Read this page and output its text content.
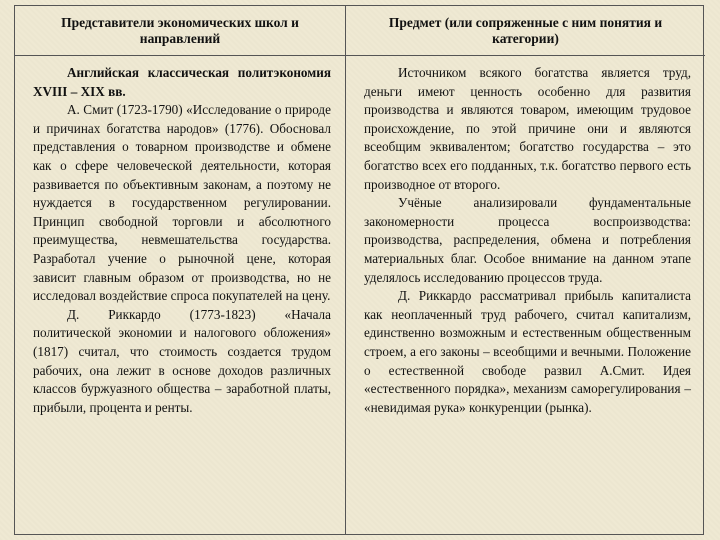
Представители экономических школ и направлений
Предмет (или сопряженные с ним понятия и категории)

Английская классическая политэкономия XVIII – XIX вв.

А. Смит (1723-1790) «Исследование о природе и причинах богатства народов» (1776). Обосновал представления о товарном производстве и обмене как о сфере человеческой деятельности, которая развивается по объективным законам, а поэтому не нуждается в государственном регулировании. Принцип свободной торговли и абсолютного преимущества, невмешательства государства. Разработал учение о рыночной цене, которая зависит главным образом от производства, но не исследовал воздействие спроса покупателей на цену.

Д. Риккардо (1773-1823) «Начала политической экономии и налогового обложения» (1817) считал, что стоимость создается трудом рабочих, она лежит в основе доходов различных классов буржуазного общества – заработной платы, прибыли, процента и ренты.

Источником всякого богатства является труд, деньги имеют ценность особенно для развития производства и являются товаром, имеющим трудовое происхождение, по этой причине они и являются всеобщим эквивалентом; богатство государства – это богатство всех его подданных, т.к. богатство первого есть производное от второго.

Учёные анализировали фундаментальные закономерности процесса воспроизводства: производства, распределения, обмена и потребления материальных благ. Особое внимание на данном этапе уделялось исследованию процессов труда.

Д. Риккардо рассматривал прибыль капиталиста как неоплаченный труд рабочего, считал капитализм, единственно возможным и естественным общественным строем, а его законы – всеобщими и вечными. Положение о естественной свободе развил А.Смит. Идея «естественного порядка», механизм саморегулирования – «невидимая рука» конкуренции (рынка).
